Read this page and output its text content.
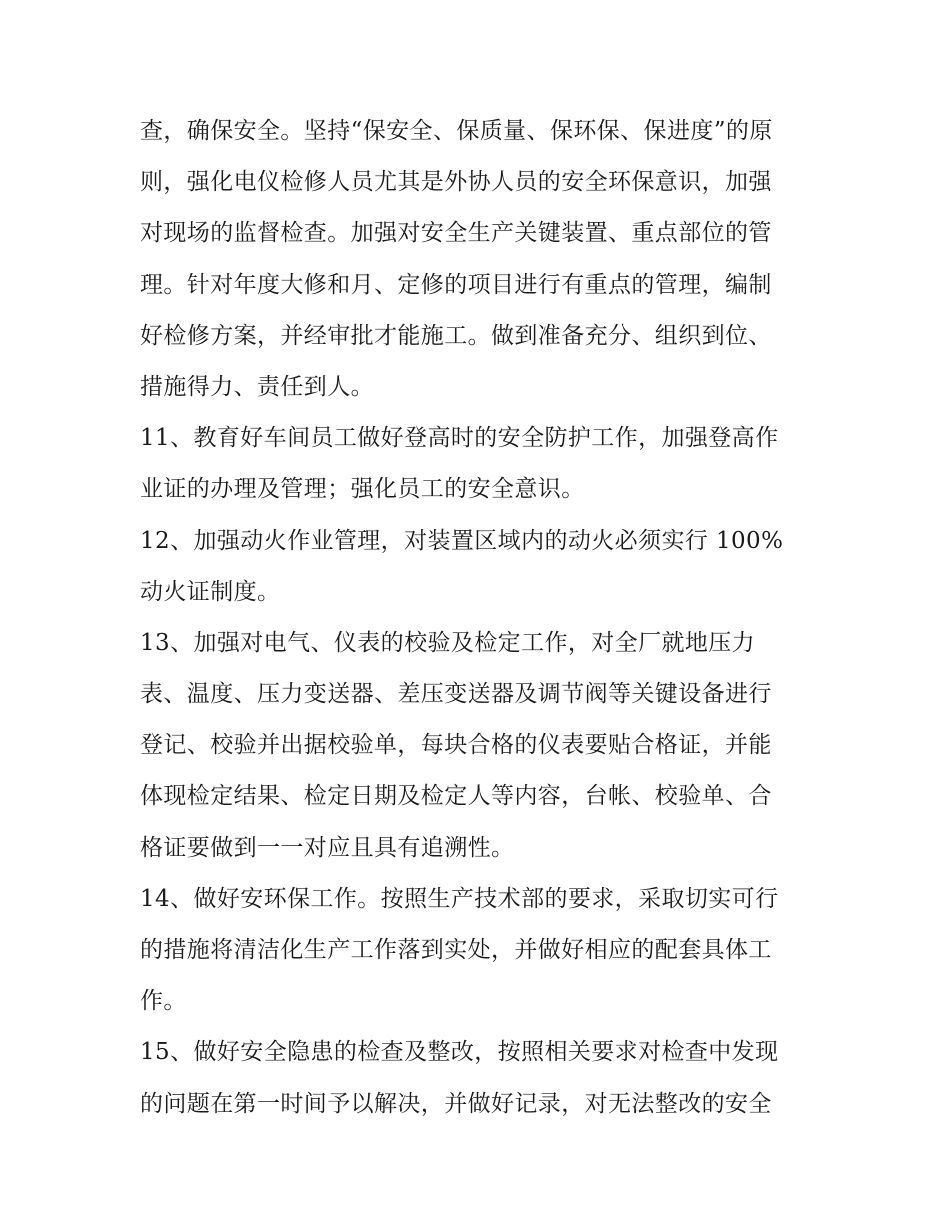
查，确保安全。坚持“保安全、保质量、保环保、保进度”的原
则，强化电仪检修人员尤其是外协人员的安全环保意识，加强
对现场的监督检查。加强对安全生产关键装置、重点部位的管
理。针对年度大修和月、定修的项目进行有重点的管理，编制
好检修方案，并经审批才能施工。做到准备充分、组织到位、
措施得力、责任到人。

11、教育好车间员工做好登高时的安全防护工作，加强登高作
业证的办理及管理；强化员工的安全意识。

12、加强动火作业管理，对装置区域内的动火必须实行 100%
动火证制度。

13、加强对电气、仪表的校验及检定工作，对全厂就地压力
表、温度、压力变送器、差压变送器及调节阀等关键设备进行
登记、校验并出据校验单，每块合格的仪表要贴合格证，并能
体现检定结果、检定日期及检定人等内容，台帐、校验单、合
格证要做到一一对应且具有追溯性。

14、做好安环保工作。按照生产技术部的要求，采取切实可行
的措施将清洁化生产工作落到实处，并做好相应的配套具体工
作。

15、做好安全隐患的检查及整改，按照相关要求对检查中发现
的问题在第一时间予以解决，并做好记录，对无法整改的安全
